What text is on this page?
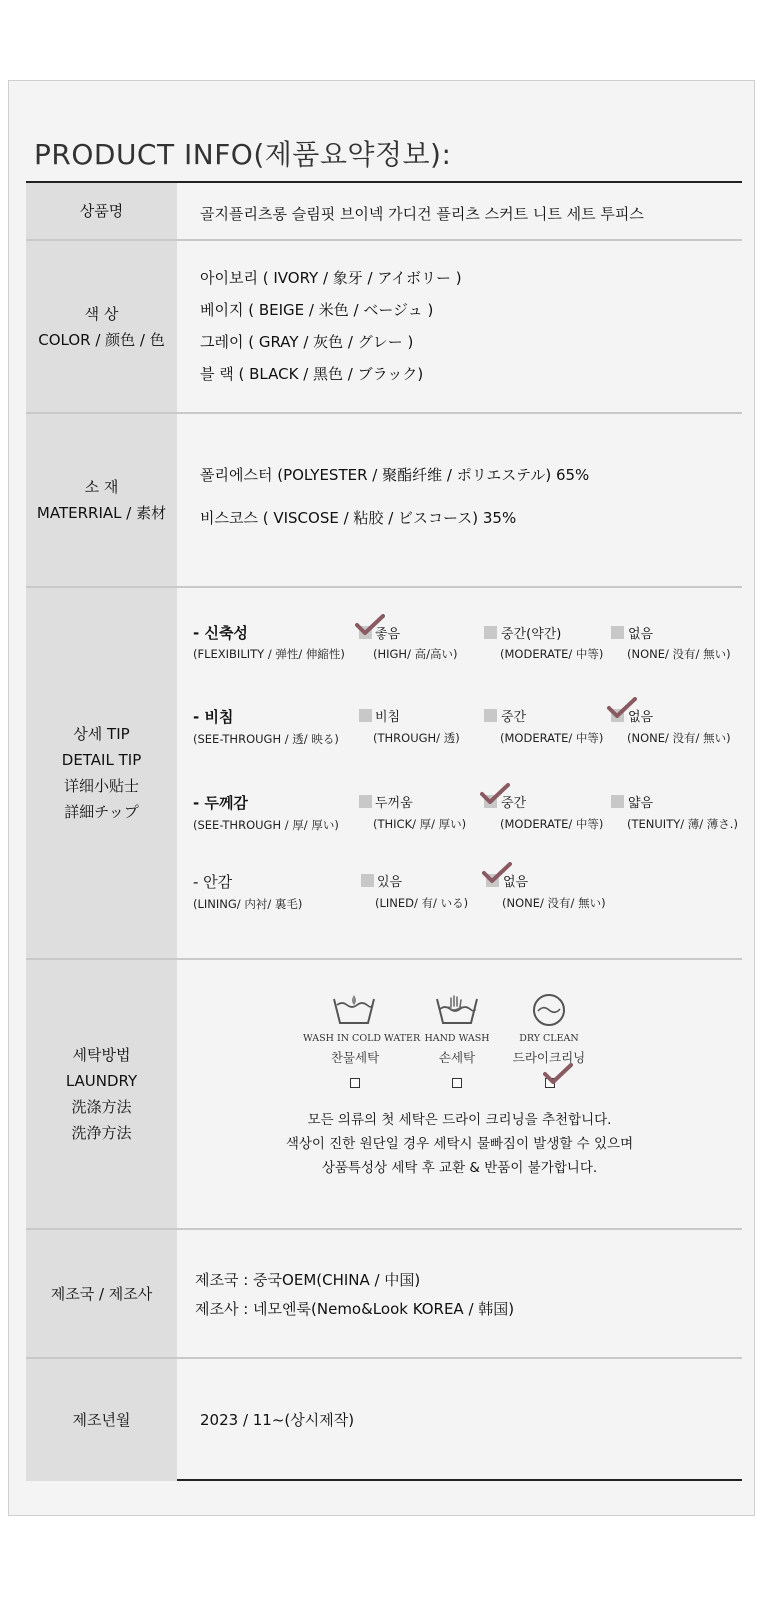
PRODUCT INFO(제품요약정보):
상품명	골지플리츠롱 슬림핏 브이넥 가디건 플리츠 스커트 니트 세트 투피스
색 상
COLOR / 颜色 / 色
아이보리 ( IVORY / 象牙 / アイボリー )
베이지 ( BEIGE / 米色 / ベージュ )
그레이 ( GRAY / 灰色 / グレー )
블 랙 ( BLACK / 黑色 / ブラック)
소 재
MATERRIAL / 素材
폴리에스터 (POLYESTER / 聚酯纤维 / ポリエステル) 65%
비스코스 ( VISCOSE / 粘胶 / ビスコース) 35%
상세 TIP
DETAIL TIP
详细小贴士
詳細チップ
- 신축성
(FLEXIBILITY / 弹性/ 伸縮性)
좋음
(HIGH/ 高/高い)
중간(약간)
(MODERATE/ 中等)
없음
(NONE/ 没有/ 無い)
- 비침
(SEE-THROUGH / 透/ 映る)
비침
(THROUGH/ 透)
중간
(MODERATE/ 中等)
없음
(NONE/ 没有/ 無い)
- 두께감
(SEE-THROUGH / 厚/ 厚い)
두꺼움
(THICK/ 厚/ 厚い)
중간
(MODERATE/ 中等)
얇음
(TENUITY/ 薄/ 薄さ.)
- 안감
(LINING/ 内衬/ 裏毛)
있음
(LINED/ 有/ いる)
없음
(NONE/ 没有/ 無い)
세탁방법
LAUNDRY
洗涤方法
洗浄方法
WASH IN COLD WATER
찬물세탁
HAND WASH
손세탁
DRY CLEAN
드라이크리닝
모든 의류의 첫 세탁은 드라이 크리닝을 추천합니다.
색상이 진한 원단일 경우 세탁시 물빠짐이 발생할 수 있으며
상품특성상 세탁 후 교환 & 반품이 불가합니다.
제조국 / 제조사
제조국 : 중국OEM(CHINA / 中国)
제조사 : 네모엔룩(Nemo&Look KOREA / 韩国)
제조년월	2023 / 11~(상시제작)
